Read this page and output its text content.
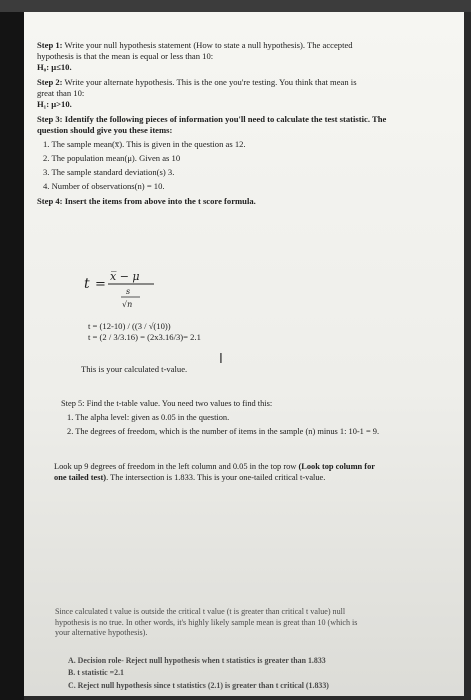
Step 1: Write your null hypothesis statement (How to state a null hypothesis). The accepted
hypothesis is that the mean is equal or less than 10:
H₀: μ≤10.
Step 2: Write your alternate hypothesis. This is the one you're testing. You think that mean is
great than 10:
H₁: μ>10.
Step 3: Identify the following pieces of information you'll need to calculate the test statistic. The
question should give you these items:
1. The sample mean(x̅). This is given in the question as 12.
2. The population mean(μ). Given as 10
3. The sample standard deviation(s) 3.
4. Number of observations(n) = 10.
Step 4: Insert the items from above into the t score formula.
t =
x̅ − μ
s
√n
t = (12-10) / ((3 / √(10))
t = (2 / 3/3.16) = (2x3.16/3)= 2.1
I
This is your calculated t-value.
Step 5: Find the t-table value. You need two values to find this:
1. The alpha level: given as 0.05 in the question.
2. The degrees of freedom, which is the number of items in the sample (n) minus 1: 10-1 = 9.
Look up 9 degrees of freedom in the left column and 0.05 in the top row (Look top column for
one tailed test). The intersection is 1.833. This is your one-tailed critical t-value.
Since calculated t value is outside the critical t value (t is greater than critical t value) null
hypothesis is no true. In other words, it's highly likely sample mean is great than 10 (which is
your alternative hypothesis).
A. Decision role- Reject null hypothesis when t statistics is greater than 1.833
B. t statistic =2.1
C. Reject null hypothesis since t statistics (2.1) is greater than t critical (1.833)
